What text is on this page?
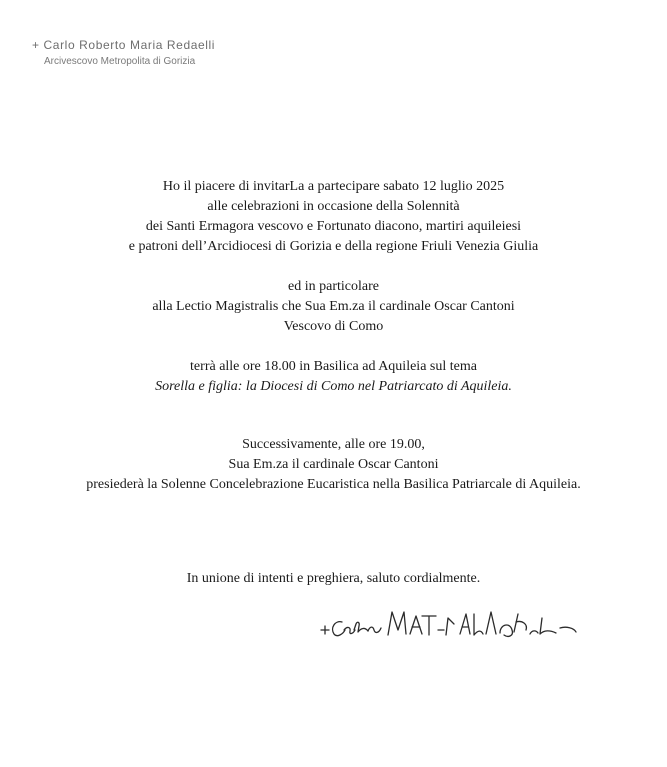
+ Carlo Roberto Maria Redaelli
Arcivescovo Metropolita di Gorizia
Ho il piacere di invitarLa a partecipare sabato 12 luglio 2025
alle celebrazioni in occasione della Solennità
dei Santi Ermagora vescovo e Fortunato diacono, martiri aquileiesi
e patroni dell’Arcidiocesi di Gorizia e della regione Friuli Venezia Giulia
ed in particolare
alla Lectio Magistralis che Sua Em.za il cardinale Oscar Cantoni
Vescovo di Como
terrà alle ore 18.00 in Basilica ad Aquileia sul tema
Sorella e figlia: la Diocesi di Como nel Patriarcato di Aquileia.
Successivamente, alle ore 19.00,
Sua Em.za il cardinale Oscar Cantoni
presiederà la Solenne Concelebrazione Eucaristica nella Basilica Patriarcale di Aquileia.
In unione di intenti e preghiera, saluto cordialmente.
